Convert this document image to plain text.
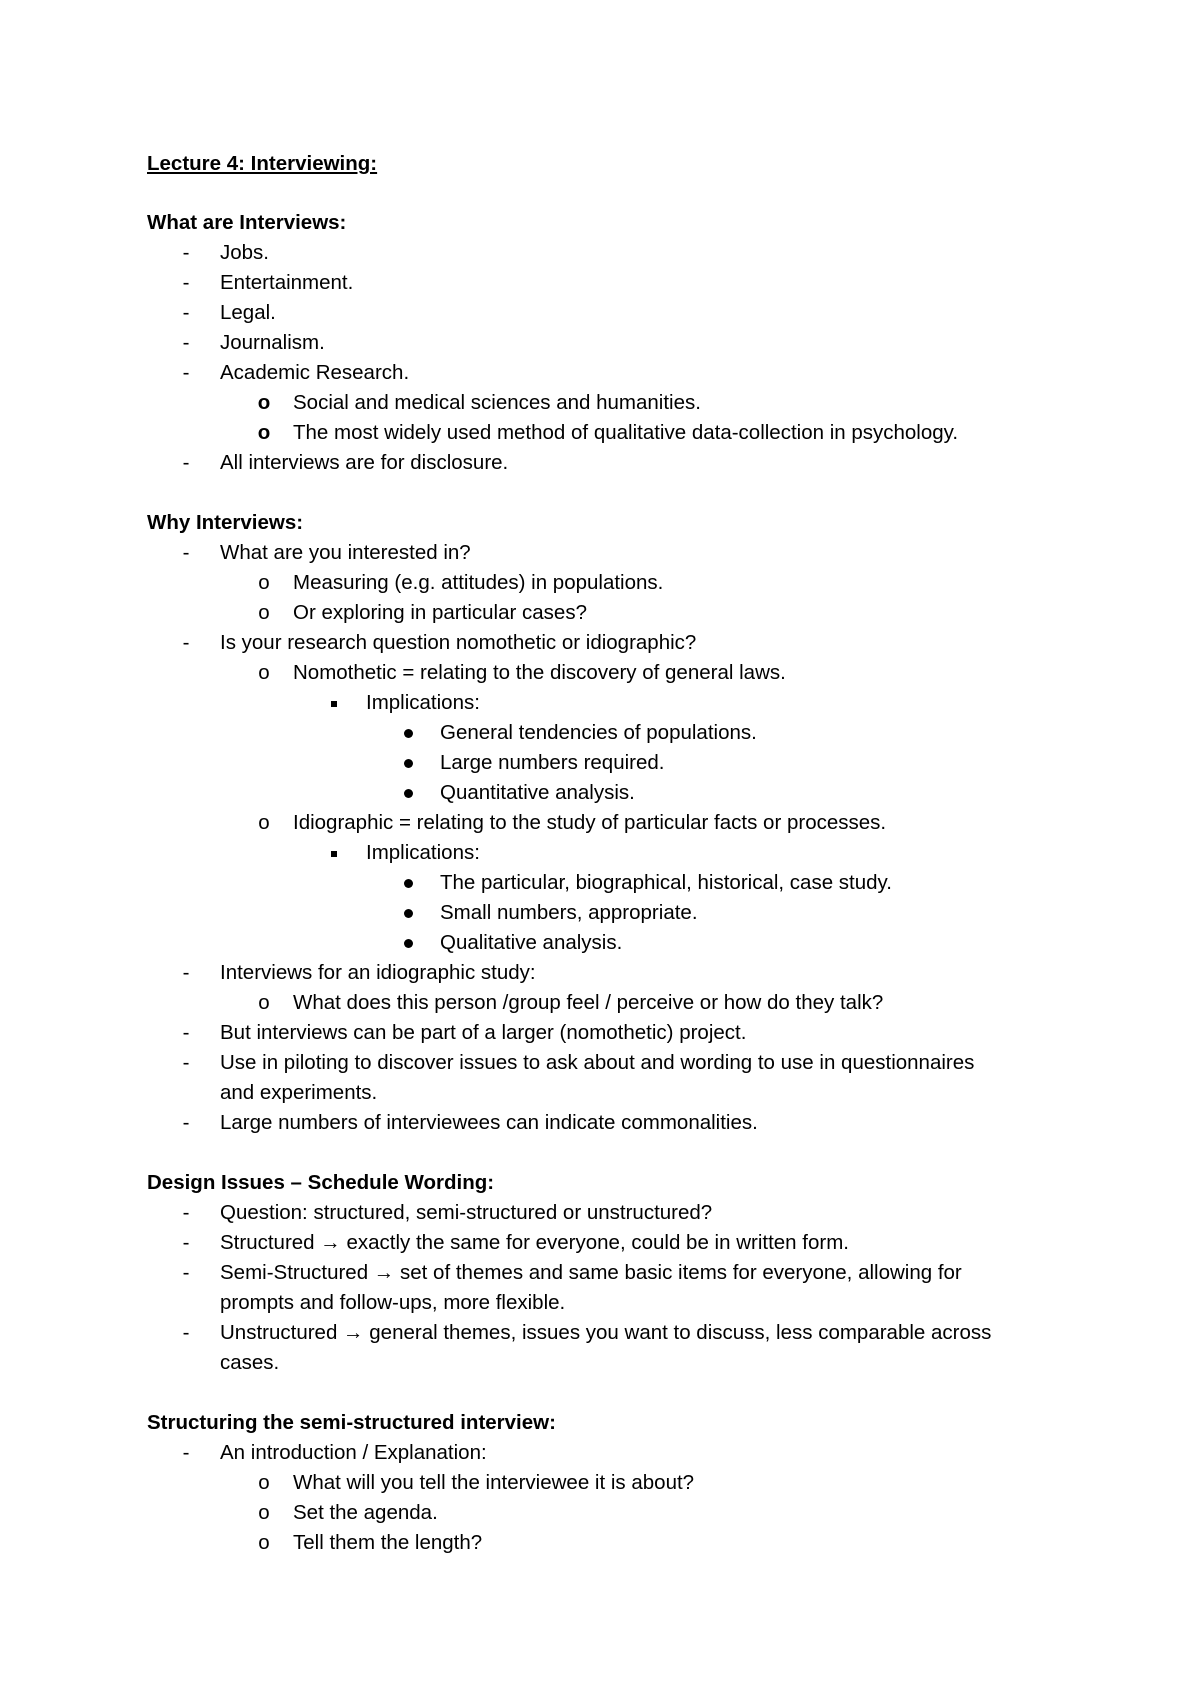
Lecture 4: Interviewing:
What are Interviews:
-	Jobs.
-	Entertainment.
-	Legal.
-	Journalism.
-	Academic Research.
o Social and medical sciences and humanities.
o The most widely used method of qualitative data-collection in psychology.
-	All interviews are for disclosure.
Why Interviews:
-	What are you interested in?
o	Measuring (e.g. attitudes) in populations.
o	Or exploring in particular cases?
-	Is your research question nomothetic or idiographic?
o	Nomothetic = relating to the discovery of general laws.
Implications:
General tendencies of populations.
Large numbers required.
Quantitative analysis.
o	Idiographic = relating to the study of particular facts or processes.
Implications:
The particular, biographical, historical, case study.
Small numbers, appropriate.
Qualitative analysis.
-	Interviews for an idiographic study:
o	What does this person /group feel / perceive or how do they talk?
-	But interviews can be part of a larger (nomothetic) project.
-	Use in piloting to discover issues to ask about and wording to use in questionnaires
and experiments.
-	Large numbers of interviewees can indicate commonalities.
Design Issues – Schedule Wording:
-	Question: structured, semi-structured or unstructured?
-	Structured → exactly the same for everyone, could be in written form.
-	Semi-Structured → set of themes and same basic items for everyone, allowing for
prompts and follow-ups, more flexible.
-	Unstructured → general themes, issues you want to discuss, less comparable across
cases.
Structuring the semi-structured interview:
-	An introduction / Explanation:
o	What will you tell the interviewee it is about?
o	Set the agenda.
o	Tell them the length?
